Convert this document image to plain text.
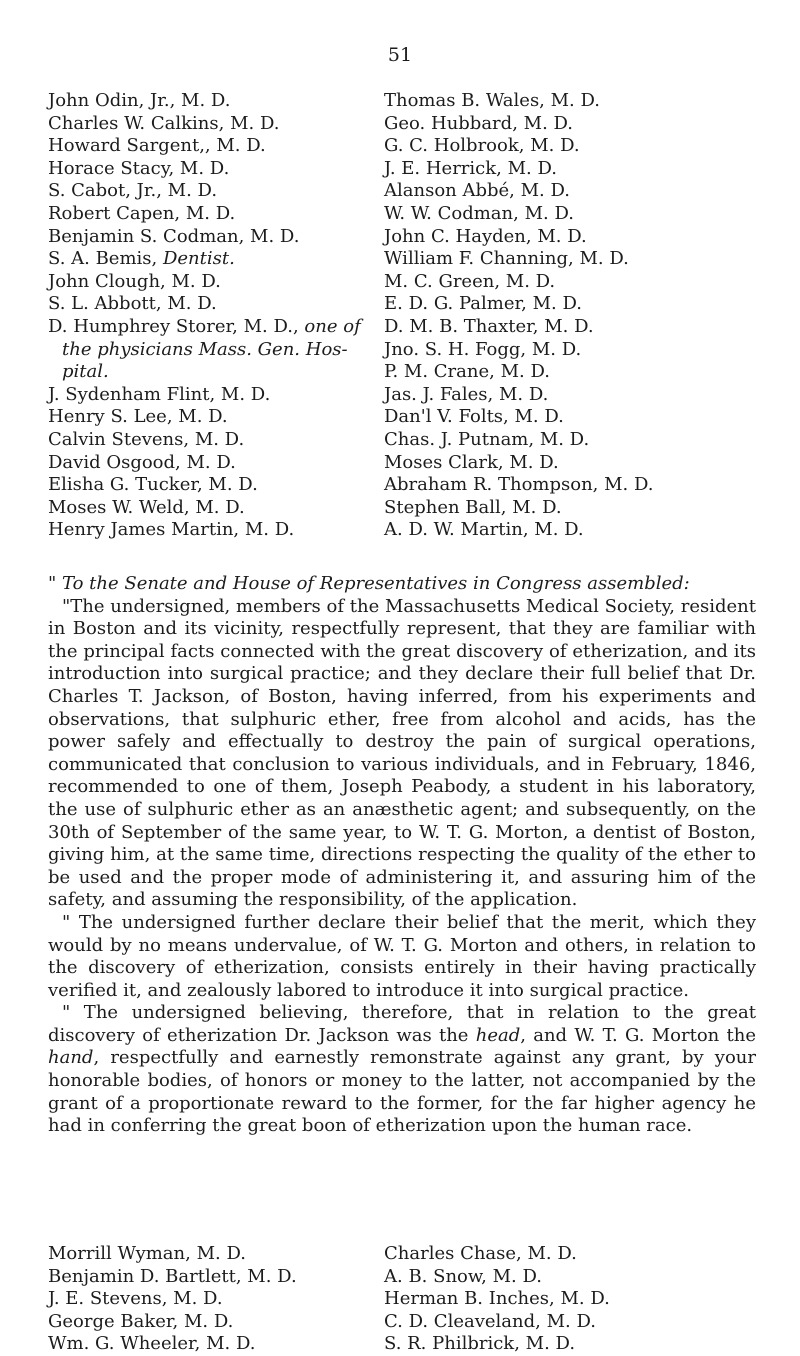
51
John Odin, Jr., M. D.
Charles W. Calkins, M. D.
Howard Sargent,, M. D.
Horace Stacy, M. D.
S. Cabot, Jr., M. D.
Robert Capen, M. D.
Benjamin S. Codman, M. D.
S. A. Bemis, Dentist.
John Clough, M. D.
S. L. Abbott, M. D.
D. Humphrey Storer, M. D., one of
the physicians Mass. Gen. Hos-
pital.
J. Sydenham Flint, M. D.
Henry S. Lee, M. D.
Calvin Stevens, M. D.
David Osgood, M. D.
Elisha G. Tucker, M. D.
Moses W. Weld, M. D.
Henry James Martin, M. D.
Thomas B. Wales, M. D.
Geo. Hubbard, M. D.
G. C. Holbrook, M. D.
J. E. Herrick, M. D.
Alanson Abbé, M. D.
W. W. Codman, M. D.
John C. Hayden, M. D.
William F. Channing, M. D.
M. C. Green, M. D.
E. D. G. Palmer, M. D.
D. M. B. Thaxter, M. D.
Jno. S. H. Fogg, M. D.
P. M. Crane, M. D.
Jas. J. Fales, M. D.
Dan'l V. Folts, M. D.
Chas. J. Putnam, M. D.
Moses Clark, M. D.
Abraham R. Thompson, M. D.
Stephen Ball, M. D.
A. D. W. Martin, M. D.

" To the Senate and House of Representatives in Congress assembled:

"The undersigned, members of the Massachusetts Medical Society, resident in Boston and its vicinity, respectfully represent, that they are familiar with the principal facts connected with the great discovery of etherization, and its introduction into surgical practice; and they declare their full belief that Dr. Charles T. Jackson, of Boston, having inferred, from his experiments and observations, that sulphuric ether, free from alcohol and acids, has the power safely and effectually to destroy the pain of surgical operations, communicated that conclusion to various individuals, and in February, 1846, recommended to one of them, Joseph Peabody, a student in his laboratory, the use of sulphuric ether as an anæsthetic agent; and subsequently, on the 30th of September of the same year, to W. T. G. Morton, a dentist of Boston, giving him, at the same time, directions respecting the quality of the ether to be used and the proper mode of administering it, and assuring him of the safety, and assuming the responsibility, of the application.

" The undersigned further declare their belief that the merit, which they would by no means undervalue, of W. T. G. Morton and others, in relation to the discovery of etherization, consists entirely in their having practically verified it, and zealously labored to introduce it into surgical practice.

" The undersigned believing, therefore, that in relation to the great discovery of etherization Dr. Jackson was the head, and W. T. G. Morton the hand, respectfully and earnestly remonstrate against any grant, by your honorable bodies, of honors or money to the latter, not accompanied by the grant of a proportionate reward to the former, for the far higher agency he had in conferring the great boon of etherization upon the human race.

Morrill Wyman, M. D.
Benjamin D. Bartlett, M. D.
J. E. Stevens, M. D.
George Baker, M. D.
Wm. G. Wheeler, M. D.
Charles Chase, M. D.
A. B. Snow, M. D.
Herman B. Inches, M. D.
C. D. Cleaveland, M. D.
S. R. Philbrick, M. D.
